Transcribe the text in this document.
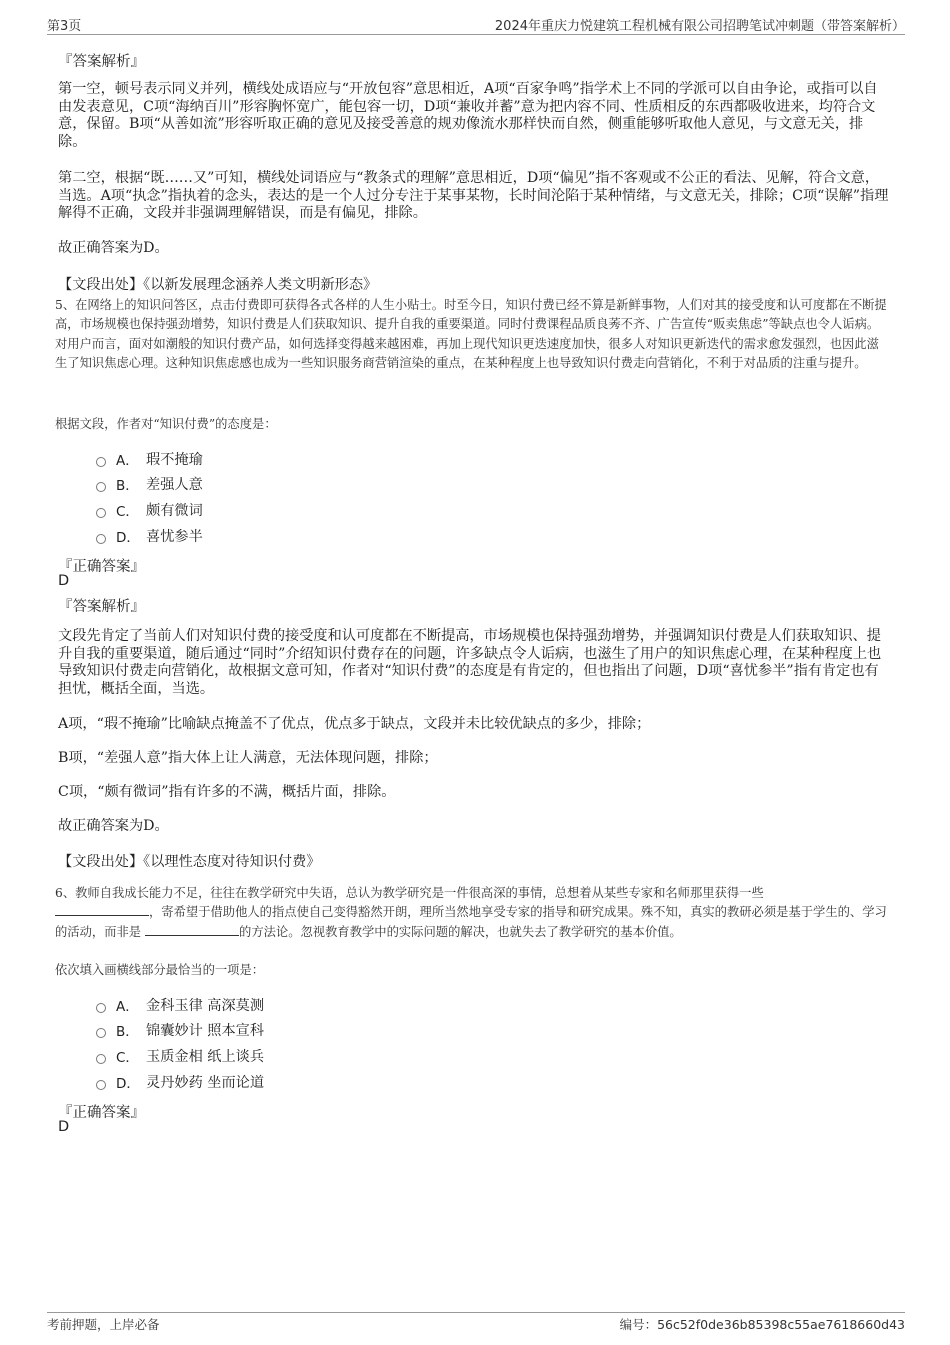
第3页	2024年重庆力悦建筑工程机械有限公司招聘笔试冲刺题（带答案解析）
『答案解析』
第一空，顿号表示同义并列，横线处成语应与“开放包容”意思相近，A项“百家争鸣”指学术上不同的学派可以自由争论，或指可以自由发表意见，C项“海纳百川”形容胸怀宽广，能包容一切，D项“兼收并蓄”意为把内容不同、性质相反的东西都吸收进来，均符合文意，保留。B项“从善如流”形容听取正确的意见及接受善意的规劝像流水那样快而自然，侧重能够听取他人意见，与文意无关，排除。
第二空，根据“既……又”可知，横线处词语应与“教条式的理解”意思相近，D项“偏见”指不客观或不公正的看法、见解，符合文意，当选。A项“执念”指执着的念头，表达的是一个人过分专注于某事某物，长时间沦陷于某种情绪，与文意无关，排除；C项“误解”指理解得不正确，文段并非强调理解错误，而是有偏见，排除。
故正确答案为D。
【文段出处】《以新发展理念涵养人类文明新形态》
5、在网络上的知识问答区，点击付费即可获得各式各样的人生小贴士。时至今日，知识付费已经不算是新鲜事物，人们对其的接受度和认可度都在不断提高，市场规模也保持强劲增势，知识付费是人们获取知识、提升自我的重要渠道。同时付费课程品质良莠不齐、广告宣传“贩卖焦虑”等缺点也令人诟病。对用户而言，面对如潮般的知识付费产品，如何选择变得越来越困难，再加上现代知识更迭速度加快，很多人对知识更新迭代的需求愈发强烈，也因此滋生了知识焦虑心理。这种知识焦虑感也成为一些知识服务商营销渲染的重点，在某种程度上也导致知识付费走向营销化，不利于对品质的注重与提升。
根据文段，作者对“知识付费”的态度是：
A． 瑕不掩瑜
B． 差强人意
C． 颇有微词
D． 喜忧参半
『正确答案』
D
『答案解析』
文段先肯定了当前人们对知识付费的接受度和认可度都在不断提高，市场规模也保持强劲增势，并强调知识付费是人们获取知识、提升自我的重要渠道，随后通过“同时”介绍知识付费存在的问题，许多缺点令人诟病，也滋生了用户的知识焦虑心理，在某种程度上也导致知识付费走向营销化，故根据文意可知，作者对“知识付费”的态度是有肯定的，但也指出了问题，D项“喜忧参半”指有肯定也有担忧，概括全面，当选。
A项，“瑕不掩瑜”比喻缺点掩盖不了优点，优点多于缺点，文段并未比较优缺点的多少，排除；
B项，“差强人意”指大体上让人满意，无法体现问题，排除；
C项，“颇有微词”指有许多的不满，概括片面，排除。
故正确答案为D。
【文段出处】《以理性态度对待知识付费》
6、教师自我成长能力不足，往往在教学研究中失语，总认为教学研究是一件很高深的事情，总想着从某些专家和名师那里获得一些
，寄希望于借助他人的指点使自己变得豁然开朗，理所当然地享受专家的指导和研究成果。殊不知，真实的教研必须是基于学生的、学习的活动，而非是	的方法论。忽视教育教学中的实际问题的解决，也就失去了教学研究的基本价值。
依次填入画横线部分最恰当的一项是：
A． 金科玉律 高深莫测
B． 锦囊妙计 照本宣科
C． 玉质金相 纸上谈兵
D． 灵丹妙药 坐而论道
『正确答案』
D
考前押题，上岸必备	编号：56c52f0de36b85398c55ae7618660d43
